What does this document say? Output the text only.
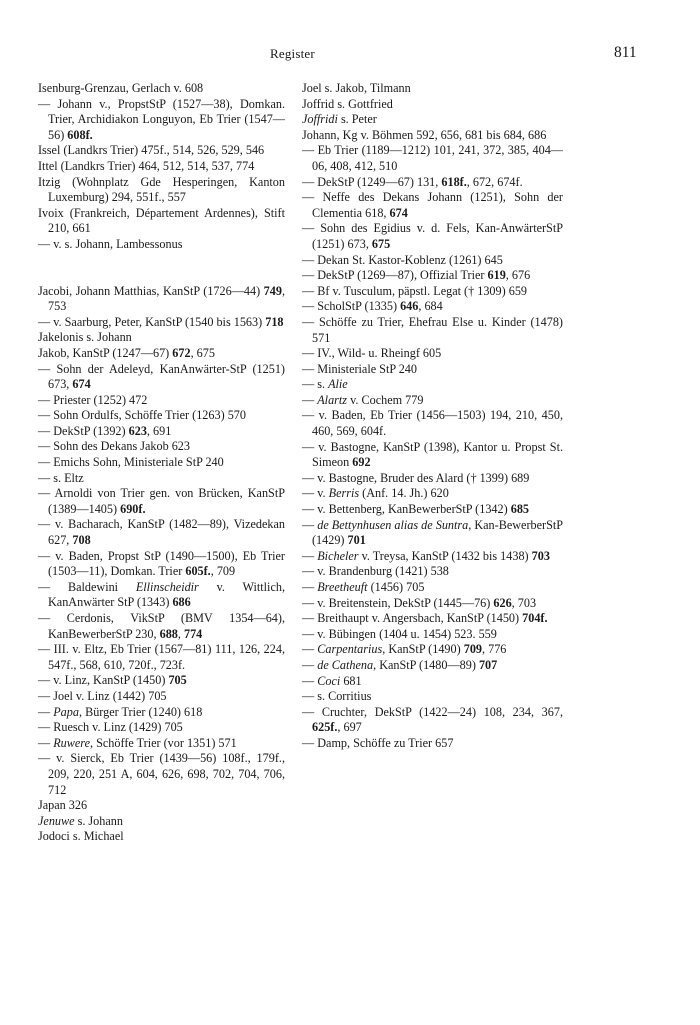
Register	811
Isenburg-Grenzau, Gerlach v. 608
— Johann v., PropstStP (1527—38), Domkan. Trier, Archidiakon Longuyon, Eb Trier (1547—56) 608f.
Issel (Landkrs Trier) 475f., 514, 526, 529, 546
Ittel (Landkrs Trier) 464, 512, 514, 537, 774
Itzig (Wohnplatz Gde Hesperingen, Kanton Luxemburg) 294, 551f., 557
Ivoix (Frankreich, Département Ardennes), Stift 210, 661
— v. s. Johann, Lambessonus
Jacobi, Johann Matthias, KanStP (1726—44) 749, 753
— v. Saarburg, Peter, KanStP (1540 bis 1563) 718
Jakelonis s. Johann
Jakob, KanStP (1247—67) 672, 675
— Sohn der Adeleyd, KanAnwärter-StP (1251) 673, 674
— Priester (1252) 472
— Sohn Ordulfs, Schöffe Trier (1263) 570
— DekStP (1392) 623, 691
— Sohn des Dekans Jakob 623
— Emichs Sohn, Ministeriale StP 240
— s. Eltz
— Arnoldi von Trier gen. von Brücken, KanStP (1389—1405) 690f.
— v. Bacharach, KanStP (1482—89), Vizedekan 627, 708
— v. Baden, Propst StP (1490—1500), Eb Trier (1503—11), Domkan. Trier 605f., 709
— Baldewini Ellinscheidir v. Wittlich, KanAnwärter StP (1343) 686
— Cerdonis, VikStP (BMV 1354—64), KanBewerberStP 230, 688, 774
— III. v. Eltz, Eb Trier (1567—81) 111, 126, 224, 547f., 568, 610, 720f., 723f.
— v. Linz, KanStP (1450) 705
— Joel v. Linz (1442) 705
— Papa, Bürger Trier (1240) 618
— Ruesch v. Linz (1429) 705
— Ruwere, Schöffe Trier (vor 1351) 571
— v. Sierck, Eb Trier (1439—56) 108f., 179f., 209, 220, 251 A, 604, 626, 698, 702, 704, 706, 712
Japan 326
Jenuwe s. Johann
Jodoci s. Michael
Joel s. Jakob, Tilmann
Joffrid s. Gottfried
Joffridi s. Peter
Johann, Kg v. Böhmen 592, 656, 681 bis 684, 686
— Eb Trier (1189—1212) 101, 241, 372, 385, 404—06, 408, 412, 510
— DekStP (1249—67) 131, 618f., 672, 674f.
— Neffe des Dekans Johann (1251), Sohn der Clementia 618, 674
— Sohn des Egidius v. d. Fels, Kan-AnwärterStP (1251) 673, 675
— Dekan St. Kastor-Koblenz (1261) 645
— DekStP (1269—87), Offizial Trier 619, 676
— Bf v. Tusculum, päpstl. Legat († 1309) 659
— ScholStP (1335) 646, 684
— Schöffe zu Trier, Ehefrau Else u. Kinder (1478) 571
— IV., Wild- u. Rheingf 605
— Ministeriale StP 240
— s. Alie
— Alartz v. Cochem 779
— v. Baden, Eb Trier (1456—1503) 194, 210, 450, 460, 569, 604f.
— v. Bastogne, KanStP (1398), Kantor u. Propst St. Simeon 692
— v. Bastogne, Bruder des Alard († 1399) 689
— v. Berris (Anf. 14. Jh.) 620
— v. Bettenberg, KanBewerberStP (1342) 685
— de Bettynhusen alias de Suntra, Kan-BewerberStP (1429) 701
— Bicheler v. Treysa, KanStP (1432 bis 1438) 703
— v. Brandenburg (1421) 538
— Breetheuft (1456) 705
— v. Breitenstein, DekStP (1445—76) 626, 703
— Breithaupt v. Angersbach, KanStP (1450) 704f.
— v. Bübingen (1404 u. 1454) 523. 559
— Carpentarius, KanStP (1490) 709, 776
— de Cathena, KanStP (1480—89) 707
— Coci 681
— s. Corritius
— Cruchter, DekStP (1422—24) 108, 234, 367, 625f., 697
— Damp, Schöffe zu Trier 657
